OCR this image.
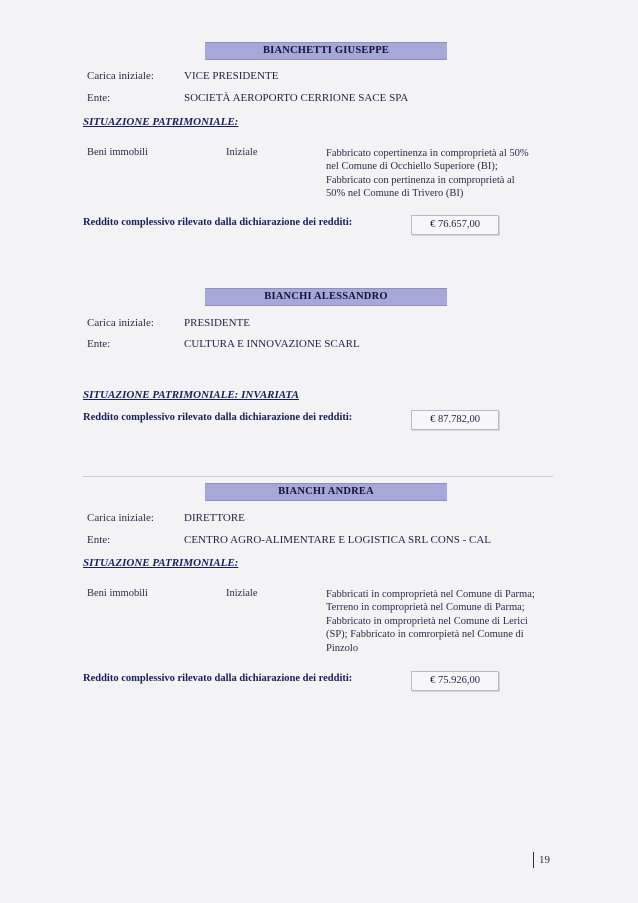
BIANCHETTI GIUSEPPE
Carica iniziale:	VICE PRESIDENTE
Ente:	SOCIETÀ AEROPORTO CERRIONE SACE SPA
SITUAZIONE PATRIMONIALE:
Beni immobili	Iniziale	Fabbricato copertinenza in comproprietà al 50%
nel Comune di Occhiello Superiore (BI);
Fabbricato con pertinenza in comproprietà al
50% nel Comune di Trivero (BI)
Reddito complessivo rilevato dalla dichiarazione dei redditi:	€ 76.657,00
BIANCHI ALESSANDRO
Carica iniziale:	PRESIDENTE
Ente:	CULTURA E INNOVAZIONE SCARL
SITUAZIONE PATRIMONIALE: INVARIATA
Reddito complessivo rilevato dalla dichiarazione dei redditi:	€ 87.782,00
BIANCHI ANDREA
Carica iniziale:	DIRETTORE
Ente:	CENTRO AGRO-ALIMENTARE E LOGISTICA SRL CONS - CAL
SITUAZIONE PATRIMONIALE:
Beni immobili	Iniziale	Fabbricati in comproprietà nel Comune di Parma;
Terreno in comproprietà nel Comune di Parma;
Fabbricato in omproprietà nel Comune di Lerici
(SP); Fabbricato in comrorpietà nel Comune di
Pinzolo
Reddito complessivo rilevato dalla dichiarazione dei redditi:	€ 75.926,00
19
